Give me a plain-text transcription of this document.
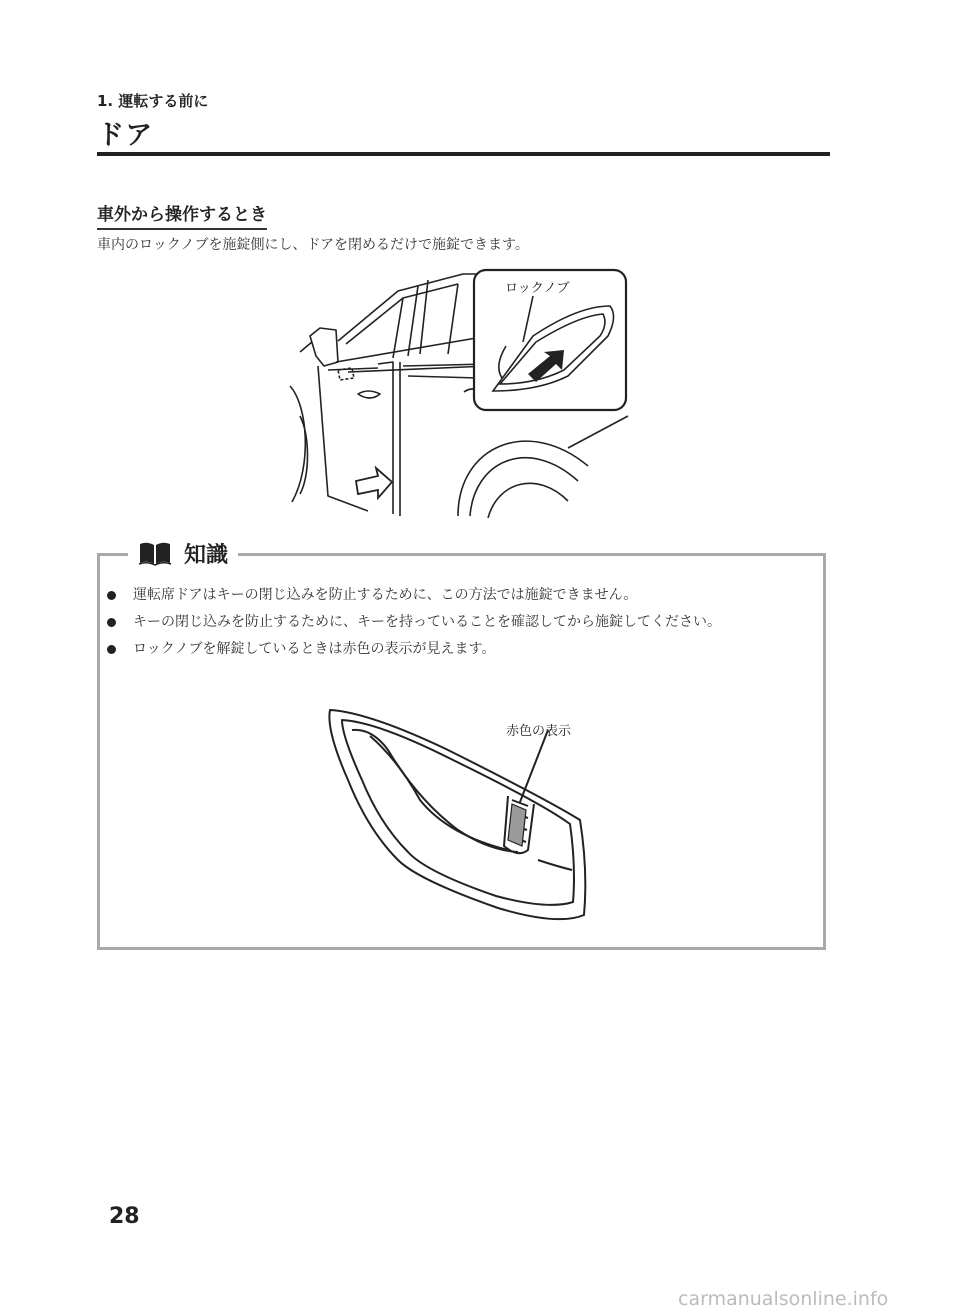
1. 運転する前に
ドア
車外から操作するとき
車内のロックノブを施錠側にし、ドアを閉めるだけで施錠できます。
ロックノブ
知識
運転席ドアはキーの閉じ込みを防止するために、この方法では施錠できません。
キーの閉じ込みを防止するために、キーを持っていることを確認してから施錠してください。
ロックノブを解錠しているときは赤色の表示が見えます。
赤色の表示
28
carmanualsonline.info
